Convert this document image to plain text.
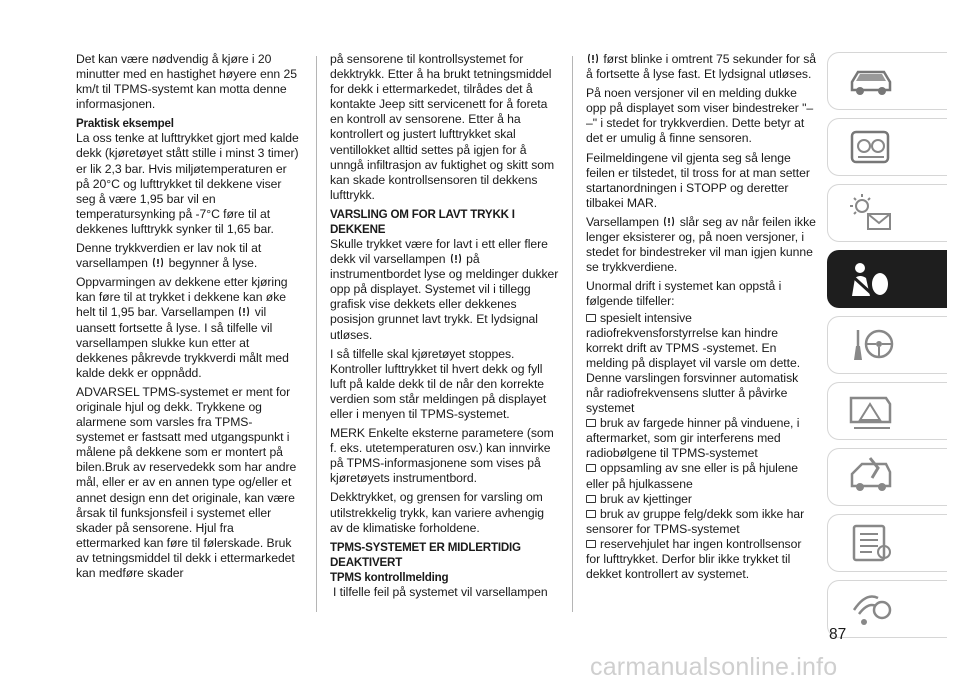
Det kan være nødvendig å kjøre i 20 minutter med en hastighet høyere enn 25 km/t til TPMS-systemt kan motta denne informasjonen.

Praktisk eksempel

La oss tenke at lufttrykket gjort med kalde dekk (kjøretøyet stått stille i minst 3 timer) er lik 2,3 bar. Hvis miljøtemperaturen er på 20°C og lufttrykket til dekkene viser seg å være 1,95 bar vil en temperatursynking på -7°C føre til at dekkenes lufttrykk synker til 1,65 bar.

Denne trykkverdien er lav nok til at varsellampen begynner å lyse.

Oppvarmingen av dekkene etter kjøring kan føre til at trykket i dekkene kan øke helt til 1,95 bar. Varsellampen vil uansett fortsette å lyse. I så tilfelle vil varsellampen slukke kun etter at dekkenes påkrevde trykkverdi målt med kalde dekk er oppnådd.

ADVARSEL TPMS-systemet er ment for originale hjul og dekk. Trykkene og alarmene som varsles fra TPMS-systemet er fastsatt med utgangspunkt i målene på dekkene som er montert på bilen.Bruk av reservedekk som har andre mål, eller er av en annen type og/eller et annet design enn det originale, kan være årsak til funksjonsfeil i systemet eller skader på sensorene. Hjul fra ettermarked kan føre til følerskade. Bruk av tetningsmiddel til dekk i ettermarkedet kan medføre skader

på sensorene til kontrollsystemet for dekktrykk. Etter å ha brukt tetningsmiddel for dekk i ettermarkedet, tilrådes det å kontakte Jeep sitt servicenett for å foreta en kontroll av sensorene. Etter å ha kontrollert og justert lufttrykket skal ventillokket alltid settes på igjen for å unngå infiltrasjon av fuktighet og skitt som kan skade kontrollsensoren til dekkens lufttrykk.

VARSLING OM FOR LAVT TRYKK I DEKKENE

Skulle trykket være for lavt i ett eller flere dekk vil varsellampen på instrumentbordet lyse og meldinger dukker opp på displayet. Systemet vil i tillegg grafisk vise dekkets eller dekkenes posisjon grunnet lavt trykk. Et lydsignal utløses.

I så tilfelle skal kjøretøyet stoppes. Kontroller lufttrykket til hvert dekk og fyll luft på kalde dekk til de når den korrekte verdien som står meldingen på displayet eller i menyen til TPMS-systemet.

MERK Enkelte eksterne parametere (som f. eks. utetemperaturen osv.) kan innvirke på TPMS-informasjonene som vises på kjøretøyets instrumentbord.

Dekktrykket, og grensen for varsling om utilstrekkelig trykk, kan variere avhengig av de klimatiske forholdene.

TPMS-SYSTEMET ER MIDLERTIDIG DEAKTIVERT
TPMS kontrollmelding

I tilfelle feil på systemet vil varsellampen

først blinke i omtrent 75 sekunder for så å fortsette å lyse fast. Et lydsignal utløses.

På noen versjoner vil en melding dukke opp på displayet som viser bindestreker "– –" i stedet for trykkverdien. Dette betyr at det er umulig å finne sensoren.

Feilmeldingene vil gjenta seg så lenge feilen er tilstedet, til tross for at man setter startanordningen i STOPP og deretter tilbakei MAR.

Varsellampen slår seg av når feilen ikke lenger eksisterer og, på noen versjoner, i stedet for bindestreker vil man igjen kunne se trykkverdiene.

Unormal drift i systemet kan oppstå i følgende tilfeller:

spesielt intensive radiofrekvensforstyrrelse kan hindre korrekt drift av TPMS -systemet. En melding på displayet vil varsle om dette. Denne varslingen forsvinner automatisk når radiofrekvensens slutter å påvirke systemet
bruk av fargede hinner på vinduene, i aftermarket, som gir interferens med radiobølgene til TPMS-systemet
oppsamling av sne eller is på hjulene eller på hjulkassene
bruk av kjettinger
bruk av gruppe felg/dekk som ikke har sensorer for TPMS-systemet
reservehjulet har ingen kontrollsensor for lufttrykket. Derfor blir ikke trykket til dekket kontrollert av systemet.
87
carmanualsonline.info
